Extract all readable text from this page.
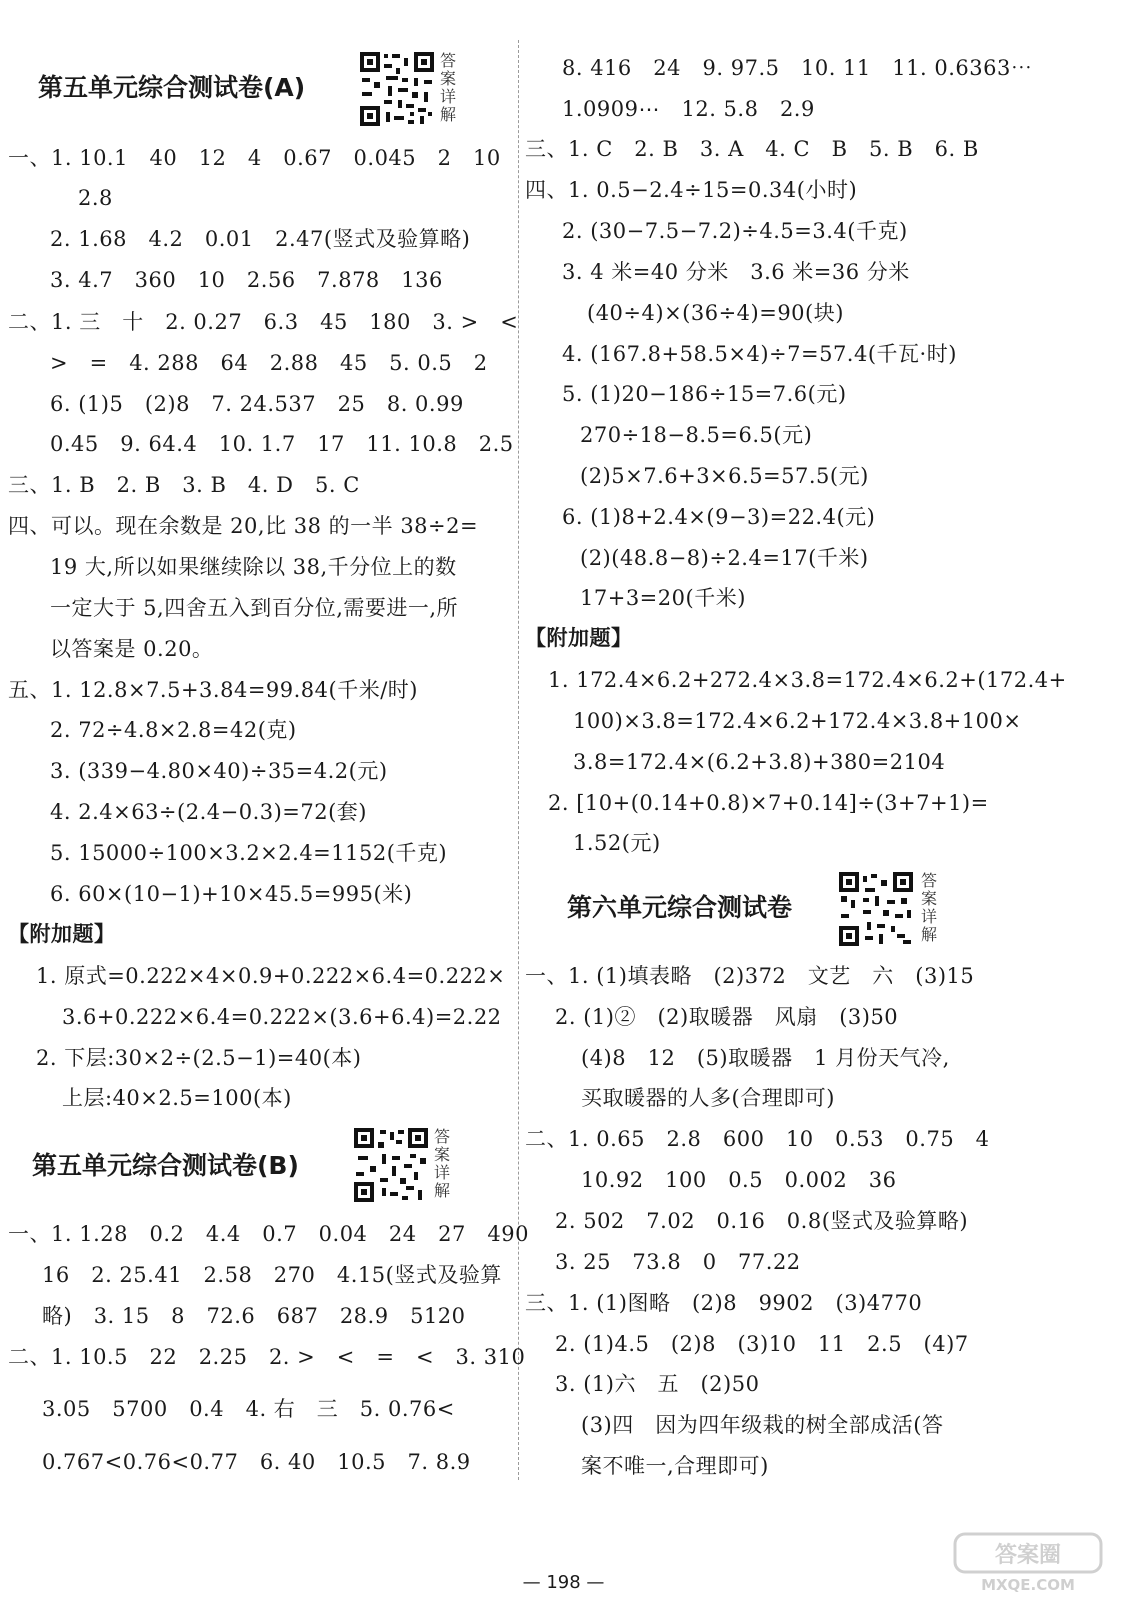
第五单元综合测试卷(A)
答
案
详
解
一、1. 10.1　40　12　4　0.67　0.045　2　10
2.8
2. 1.68　4.2　0.01　2.47(竖式及验算略)
3. 4.7　360　10　2.56　7.878　136
二、1. 三　十　2. 0.27　6.3　45　180　3. >　<
>　=　4. 288　64　2.88　45　5. 0.5　2
6. (1)5　(2)8　7. 24.537　25　8. 0.99
0.45　9. 64.4　10. 1.7　17　11. 10.8　2.5
三、1. B　2. B　3. B　4. D　5. C
四、可以。现在余数是 20,比 38 的一半 38÷2=
19 大,所以如果继续除以 38,千分位上的数
一定大于 5,四舍五入到百分位,需要进一,所
以答案是 0.20。
五、1. 12.8×7.5+3.84=99.84(千米/时)
2. 72÷4.8×2.8=42(克)
3. (339−4.80×40)÷35=4.2(元)
4. 2.4×63÷(2.4−0.3)=72(套)
5. 15000÷100×3.2×2.4=1152(千克)
6. 60×(10−1)+10×45.5=995(米)
【附加题】
1. 原式=0.222×4×0.9+0.222×6.4=0.222×
3.6+0.222×6.4=0.222×(3.6+6.4)=2.22
2. 下层:30×2÷(2.5−1)=40(本)
上层:40×2.5=100(本)
第五单元综合测试卷(B)
答
案
详
解
一、1. 1.28　0.2　4.4　0.7　0.04　24　27　490
16　2. 25.41　2.58　270　4.15(竖式及验算
略)　3. 15　8　72.6　687　28.9　5120
二、1. 10.5　22　2.25　2. >　<　=　<　3. 310
3.05　5700　0.4　4. 右　三　5. 0.76<
0.767<0.76<0.77　6. 40　10.5　7. 8.9
8. 416　24　9. 97.5　10. 11　11. 0.6363⋯
1.0909⋯　12. 5.8　2.9
三、1. C　2. B　3. A　4. C　B　5. B　6. B
四、1. 0.5−2.4÷15=0.34(小时)
2. (30−7.5−7.2)÷4.5=3.4(千克)
3. 4 米=40 分米　3.6 米=36 分米
(40÷4)×(36÷4)=90(块)
4. (167.8+58.5×4)÷7=57.4(千瓦·时)
5. (1)20−186÷15=7.6(元)
270÷18−8.5=6.5(元)
(2)5×7.6+3×6.5=57.5(元)
6. (1)8+2.4×(9−3)=22.4(元)
(2)(48.8−8)÷2.4=17(千米)
17+3=20(千米)
【附加题】
1. 172.4×6.2+272.4×3.8=172.4×6.2+(172.4+
100)×3.8=172.4×6.2+172.4×3.8+100×
3.8=172.4×(6.2+3.8)+380=2104
2. [10+(0.14+0.8)×7+0.14]÷(3+7+1)=
1.52(元)
第六单元综合测试卷
答
案
详
解
一、1. (1)填表略　(2)372　文艺　六　(3)15
2. (1)②　(2)取暖器　风扇　(3)50
(4)8　12　(5)取暖器　1 月份天气冷,
买取暖器的人多(合理即可)
二、1. 0.65　2.8　600　10　0.53　0.75　4
10.92　100　0.5　0.002　36
2. 502　7.02　0.16　0.8(竖式及验算略)
3. 25　73.8　0　77.22
三、1. (1)图略　(2)8　9902　(3)4770
2. (1)4.5　(2)8　(3)10　11　2.5　(4)7
3. (1)六　五　(2)50
(3)四　因为四年级栽的树全部成活(答
案不唯一,合理即可)
— 198 —
答案圈
MXQE.COM
